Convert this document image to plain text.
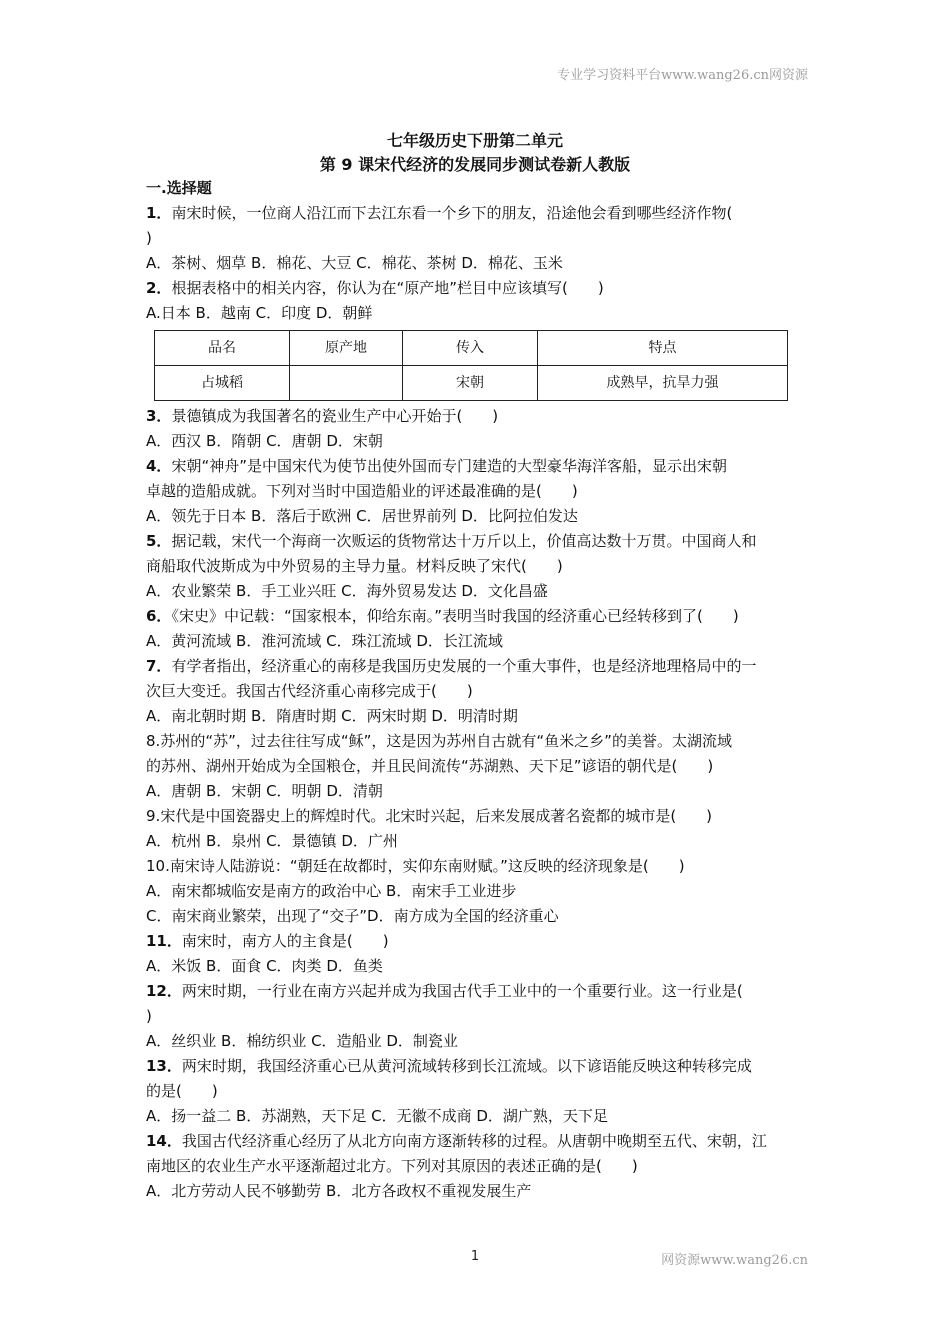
专业学习资料平台www.wang26.cn网资源
七年级历史下册第二单元
第 9 课宋代经济的发展同步测试卷新人教版
一.选择题
1．南宋时候，一位商人沿江而下去江东看一个乡下的朋友，沿途他会看到哪些经济作物(
)
A．茶树、烟草 B．棉花、大豆 C．棉花、茶树 D．棉花、玉米
2．根据表格中的相关内容，你认为在“原产地”栏目中应该填写(　　)
A.日本 B．越南 C．印度 D．朝鲜
品名	原产地	传入	特点
占城稻		宋朝	成熟早，抗旱力强
3．景德镇成为我国著名的瓷业生产中心开始于(　　)
A．西汉 B．隋朝 C．唐朝 D．宋朝
4．宋朝“神舟”是中国宋代为使节出使外国而专门建造的大型豪华海洋客船，显示出宋朝
卓越的造船成就。下列对当时中国造船业的评述最准确的是(　　)
A．领先于日本 B．落后于欧洲 C．居世界前列 D．比阿拉伯发达
5．据记载，宋代一个海商一次贩运的货物常达十万斤以上，价值高达数十万贯。中国商人和
商船取代波斯成为中外贸易的主导力量。材料反映了宋代(　　)
A．农业繁荣 B．手工业兴旺 C．海外贸易发达 D．文化昌盛
6．《宋史》中记载：“国家根本，仰给东南。”表明当时我国的经济重心已经转移到了(　　)
A．黄河流域 B．淮河流域 C．珠江流域 D．长江流域
7．有学者指出，经济重心的南移是我国历史发展的一个重大事件，也是经济地理格局中的一
次巨大变迁。我国古代经济重心南移完成于(　　)
A．南北朝时期 B．隋唐时期 C．两宋时期 D．明清时期
8.苏州的“苏”，过去往往写成“稣”，这是因为苏州自古就有“鱼米之乡”的美誉。太湖流域
的苏州、湖州开始成为全国粮仓，并且民间流传“苏湖熟、天下足”谚语的朝代是(　　)
A．唐朝 B．宋朝 C．明朝 D．清朝
9.宋代是中国瓷器史上的辉煌时代。北宋时兴起，后来发展成著名瓷都的城市是(　　)
A．杭州 B．泉州 C．景德镇 D．广州
10.南宋诗人陆游说：“朝廷在故都时，实仰东南财赋。”这反映的经济现象是(　　)
A．南宋都城临安是南方的政治中心 B．南宋手工业进步
C．南宋商业繁荣，出现了“交子”D．南方成为全国的经济重心
11．南宋时，南方人的主食是(　　)
A．米饭 B．面食 C．肉类 D．鱼类
12．两宋时期，一行业在南方兴起并成为我国古代手工业中的一个重要行业。这一行业是(
)
A．丝织业 B．棉纺织业 C．造船业 D．制瓷业
13．两宋时期，我国经济重心已从黄河流域转移到长江流域。以下谚语能反映这种转移完成
的是(　　)
A．扬一益二 B．苏湖熟，天下足 C．无徽不成商 D．湖广熟，天下足
14．我国古代经济重心经历了从北方向南方逐渐转移的过程。从唐朝中晚期至五代、宋朝，江
南地区的农业生产水平逐渐超过北方。下列对其原因的表述正确的是(　　)
A．北方劳动人民不够勤劳 B．北方各政权不重视发展生产
1	网资源www.wang26.cn
